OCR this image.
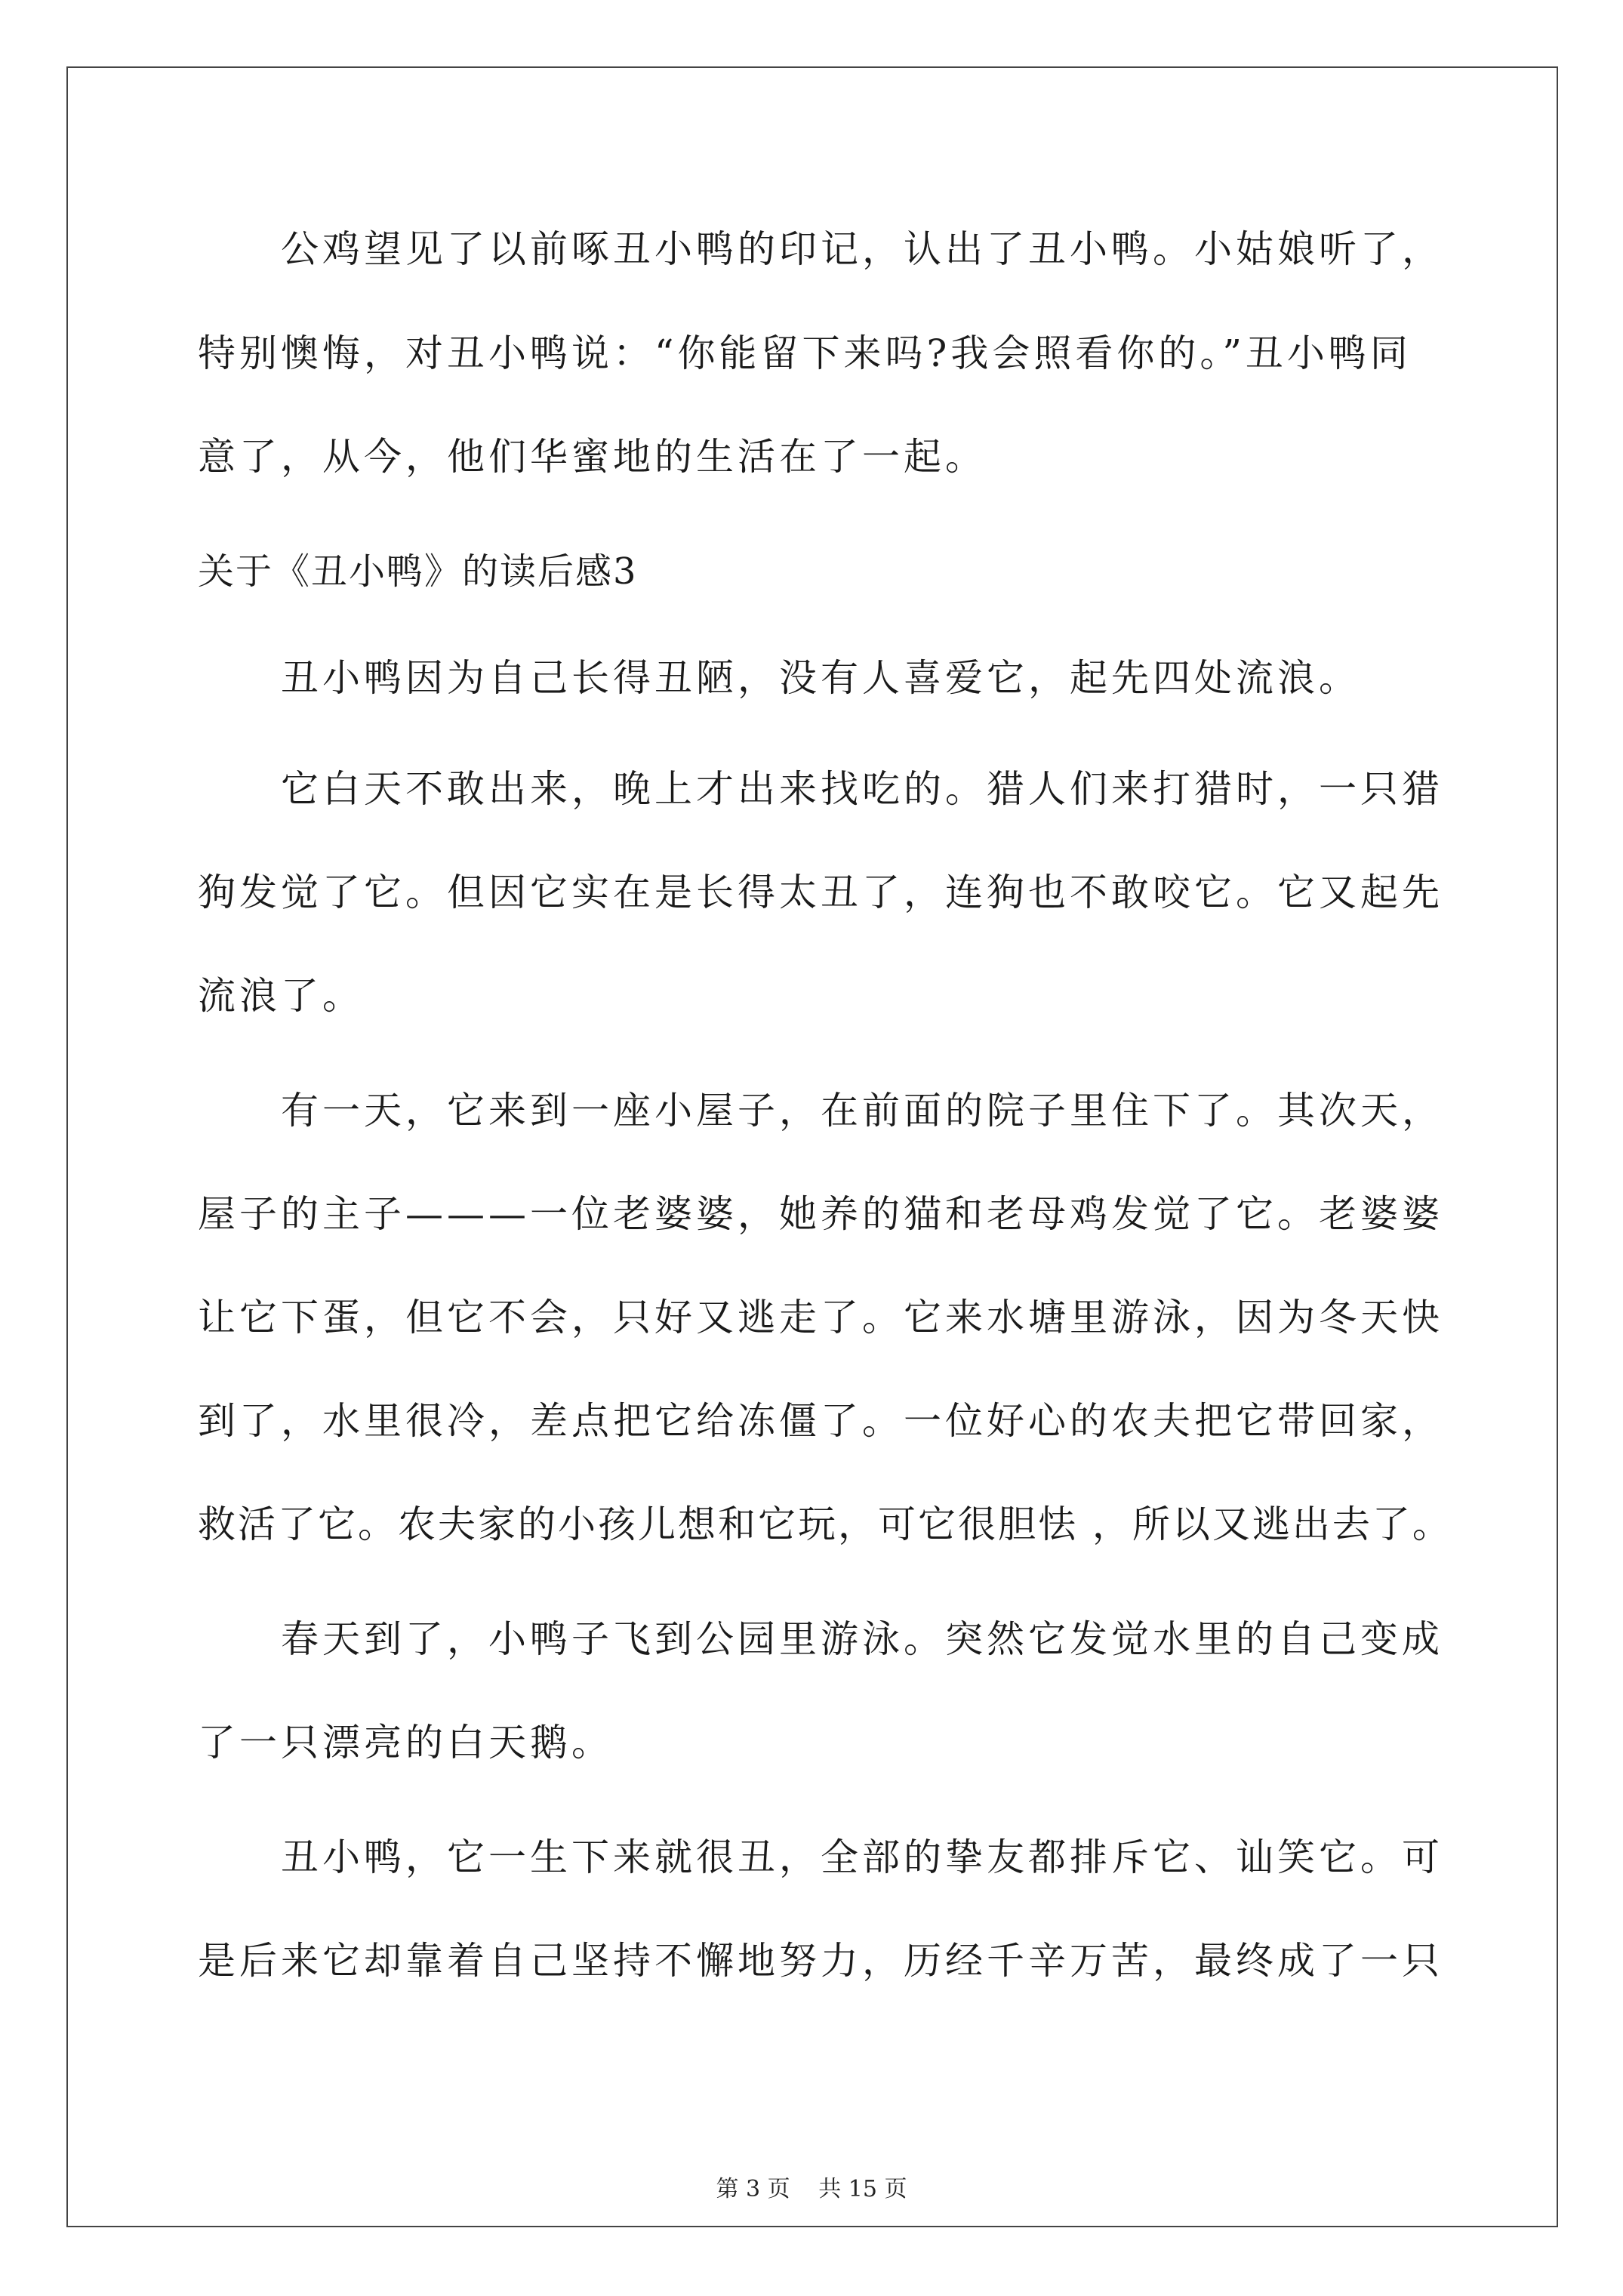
公鸡望见了以前啄丑小鸭的印记，认出了丑小鸭。小姑娘听了，
特别懊悔，对丑小鸭说：“你能留下来吗?我会照看你的。”丑小鸭同
意了，从今，他们华蜜地的生活在了一起。
关于《丑小鸭》的读后感3
丑小鸭因为自己长得丑陋，没有人喜爱它，起先四处流浪。
它白天不敢出来，晚上才出来找吃的。猎人们来打猎时，一只猎
狗发觉了它。但因它实在是长得太丑了，连狗也不敢咬它。它又起先
流浪了。
有一天，它来到一座小屋子，在前面的院子里住下了。其次天，
屋子的主子———一位老婆婆，她养的猫和老母鸡发觉了它。老婆婆
让它下蛋，但它不会，只好又逃走了。它来水塘里游泳，因为冬天快
到了，水里很冷，差点把它给冻僵了。一位好心的农夫把它带回家，
救活了它。农夫家的小孩儿想和它玩，可它很胆怯 ，所以又逃出去了。
春天到了，小鸭子飞到公园里游泳。突然它发觉水里的自己变成
了一只漂亮的白天鹅。
丑小鸭，它一生下来就很丑，全部的挚友都排斥它、讪笑它。可
是后来它却靠着自己坚持不懈地努力，历经千辛万苦，最终成了一只
第 3 页 共 15 页
